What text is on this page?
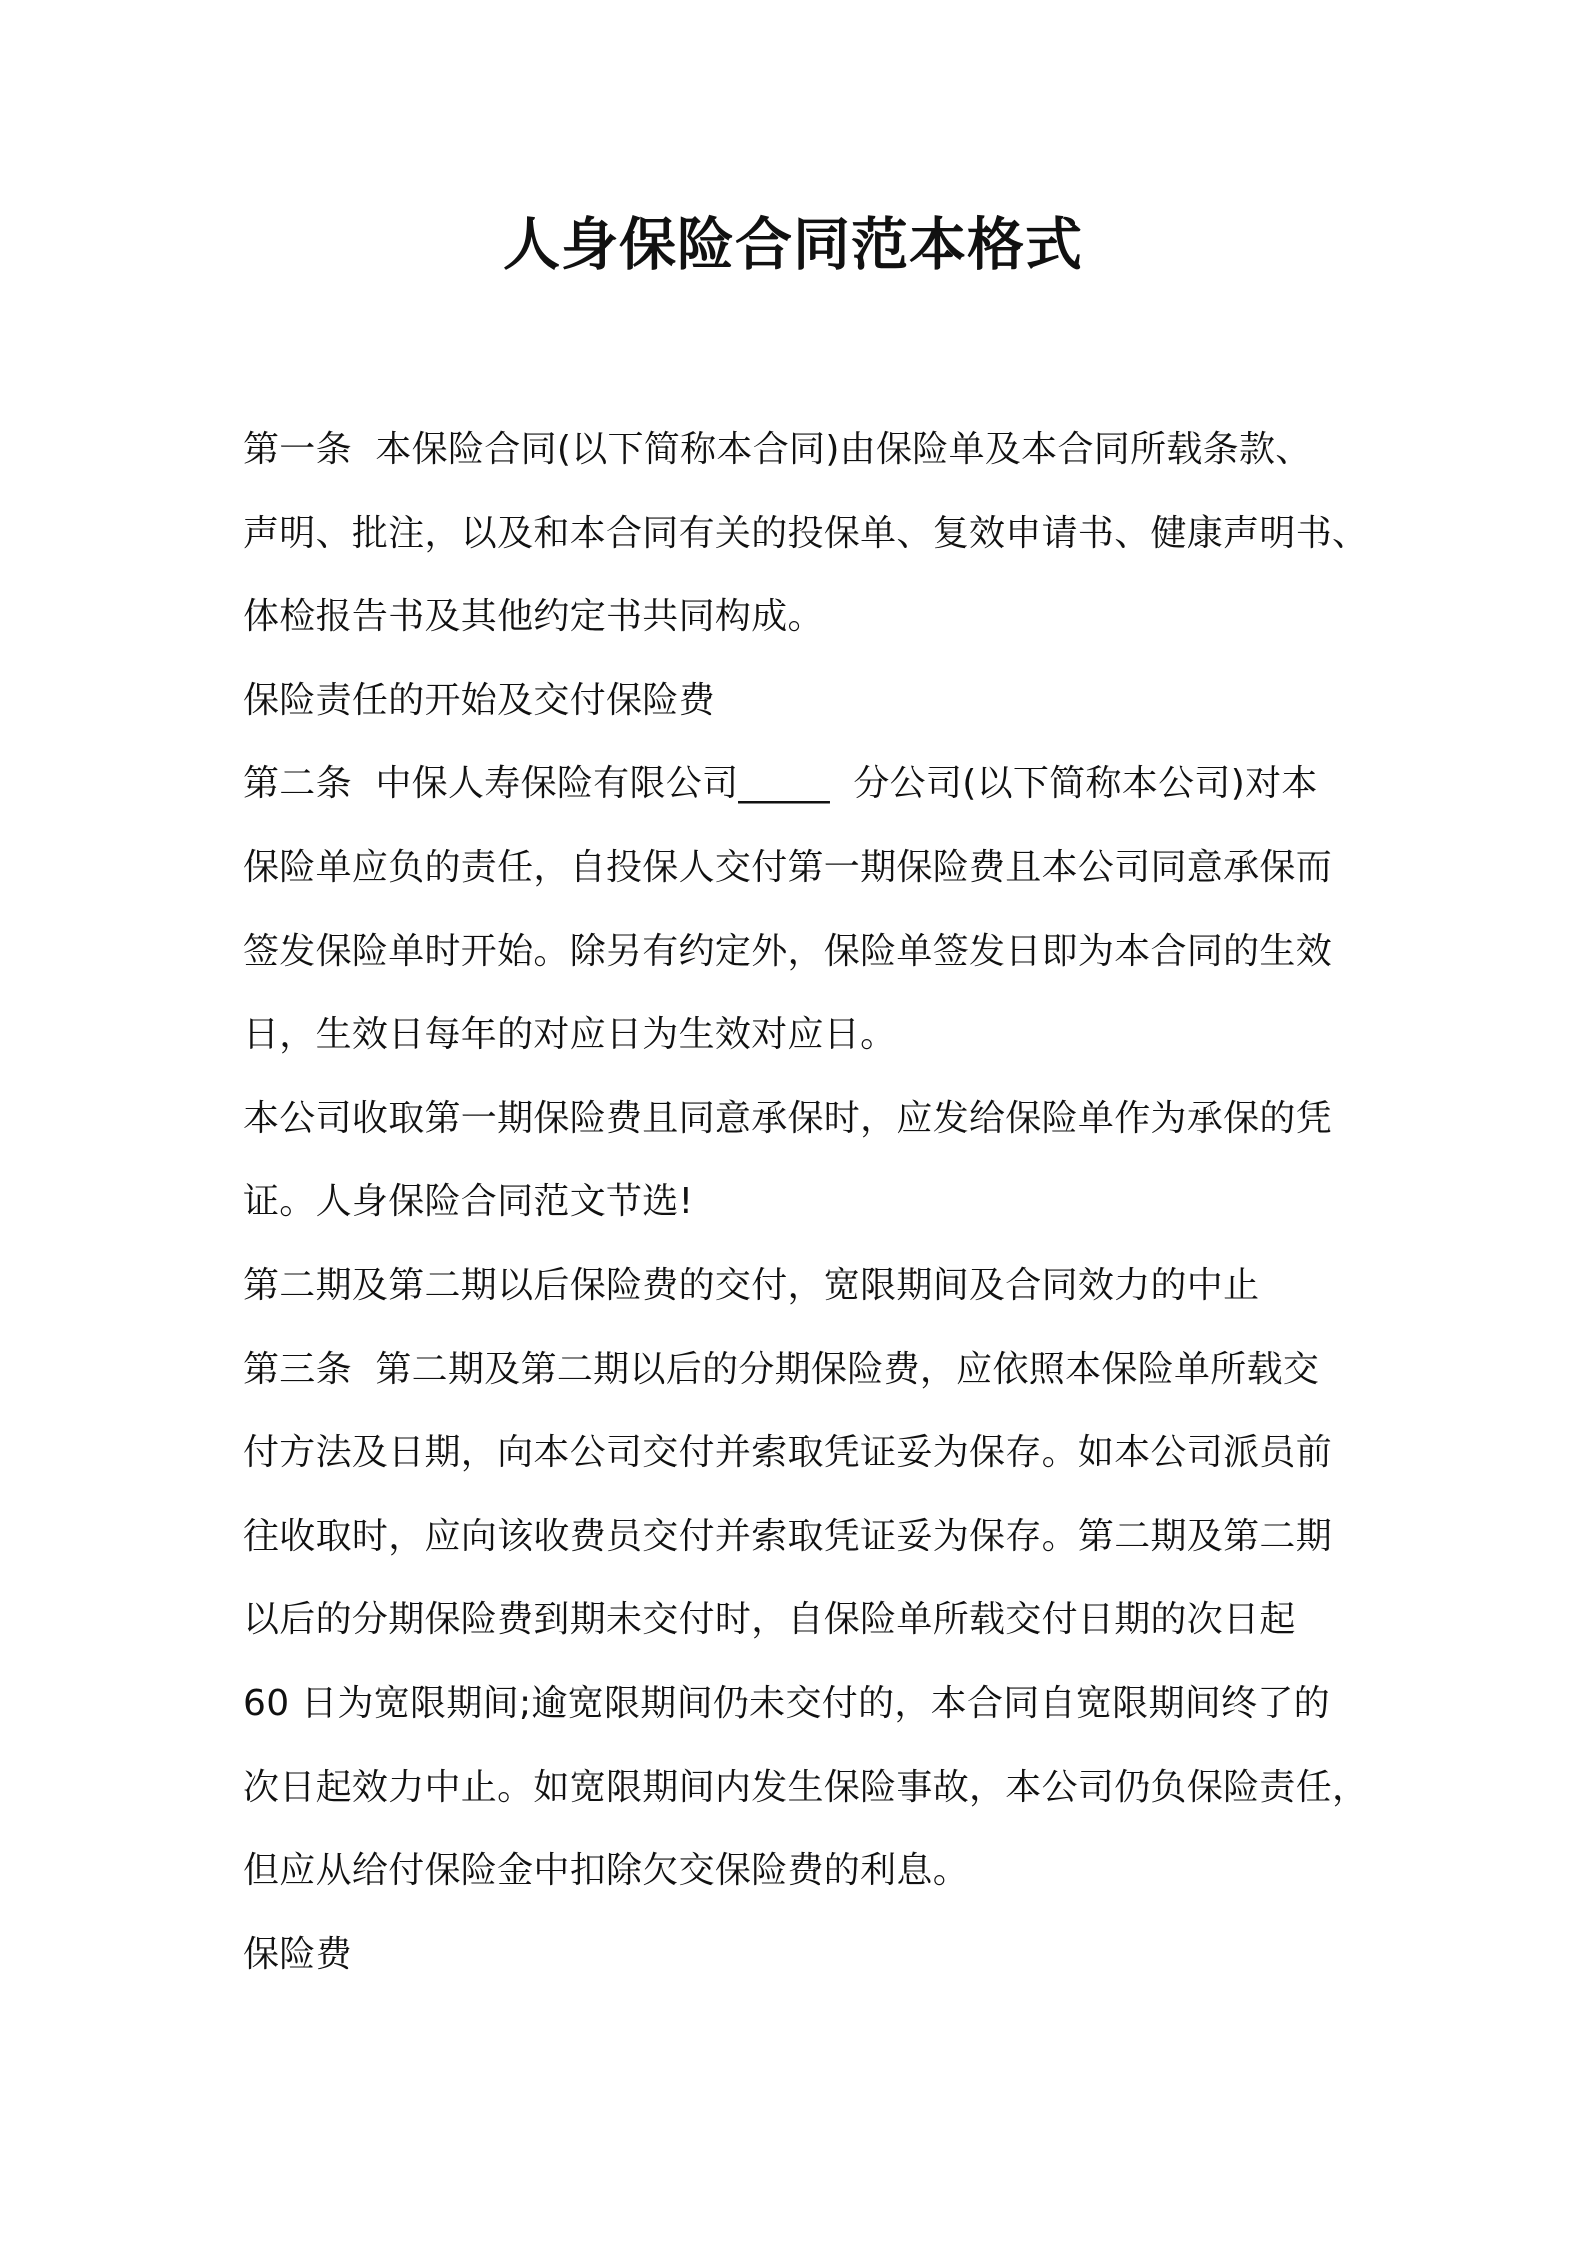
人身保险合同范本格式
第一条  本保险合同(以下简称本合同)由保险单及本合同所载条款、
声明、批注，以及和本合同有关的投保单、复效申请书、健康声明书、
体检报告书及其他约定书共同构成。
保险责任的开始及交付保险费
第二条  中保人寿保险有限公司_____  分公司(以下简称本公司)对本
保险单应负的责任，自投保人交付第一期保险费且本公司同意承保而
签发保险单时开始。除另有约定外，保险单签发日即为本合同的生效
日，生效日每年的对应日为生效对应日。
本公司收取第一期保险费且同意承保时，应发给保险单作为承保的凭
证。人身保险合同范文节选!
第二期及第二期以后保险费的交付，宽限期间及合同效力的中止
第三条  第二期及第二期以后的分期保险费，应依照本保险单所载交
付方法及日期，向本公司交付并索取凭证妥为保存。如本公司派员前
往收取时，应向该收费员交付并索取凭证妥为保存。第二期及第二期
以后的分期保险费到期未交付时，自保险单所载交付日期的次日起
60 日为宽限期间;逾宽限期间仍未交付的，本合同自宽限期间终了的
次日起效力中止。如宽限期间内发生保险事故，本公司仍负保险责任，
但应从给付保险金中扣除欠交保险费的利息。
保险费
